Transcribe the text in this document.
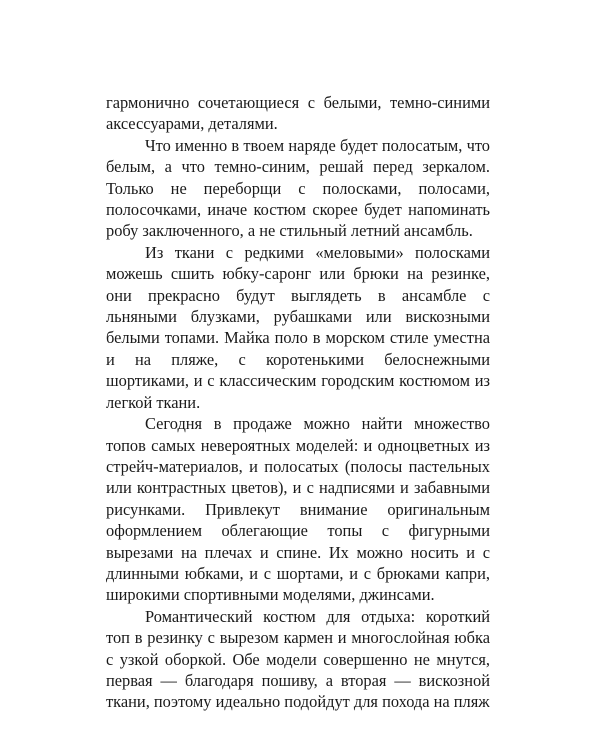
гармонично сочетающиеся с белыми, темно-синими аксессуарами, деталями.

Что именно в твоем наряде будет полосатым, что белым, а что темно-синим, решай перед зеркалом. Только не переборщи с полосками, полосами, полосочками, иначе костюм скорее будет напоминать робу заключенного, а не стильный летний ансамбль.

Из ткани с редкими «меловыми» полосками можешь сшить юбку-саронг или брюки на резинке, они прекрасно будут выглядеть в ансамбле с льняными блузками, рубашками или вискозными белыми топами. Майка поло в морском стиле уместна и на пляже, с коротенькими белоснежными шортиками, и с классическим городским костюмом из легкой ткани.

Сегодня в продаже можно найти множество топов самых невероятных моделей: и одноцветных из стрейч-материалов, и полосатых (полосы пастельных или контрастных цветов), и с надписями и забавными рисунками. Привлекут внимание оригинальным оформлением облегающие топы с фигурными вырезами на плечах и спине. Их можно носить и с длинными юбками, и с шортами, и с брюками капри, широкими спортивными моделями, джинсами.

Романтический костюм для отдыха: короткий топ в резинку с вырезом кармен и многослойная юбка с узкой оборкой. Обе модели совершенно не мнутся, первая — благодаря пошиву, а вторая — вискозной ткани, поэтому идеально подойдут для похода на пляж
